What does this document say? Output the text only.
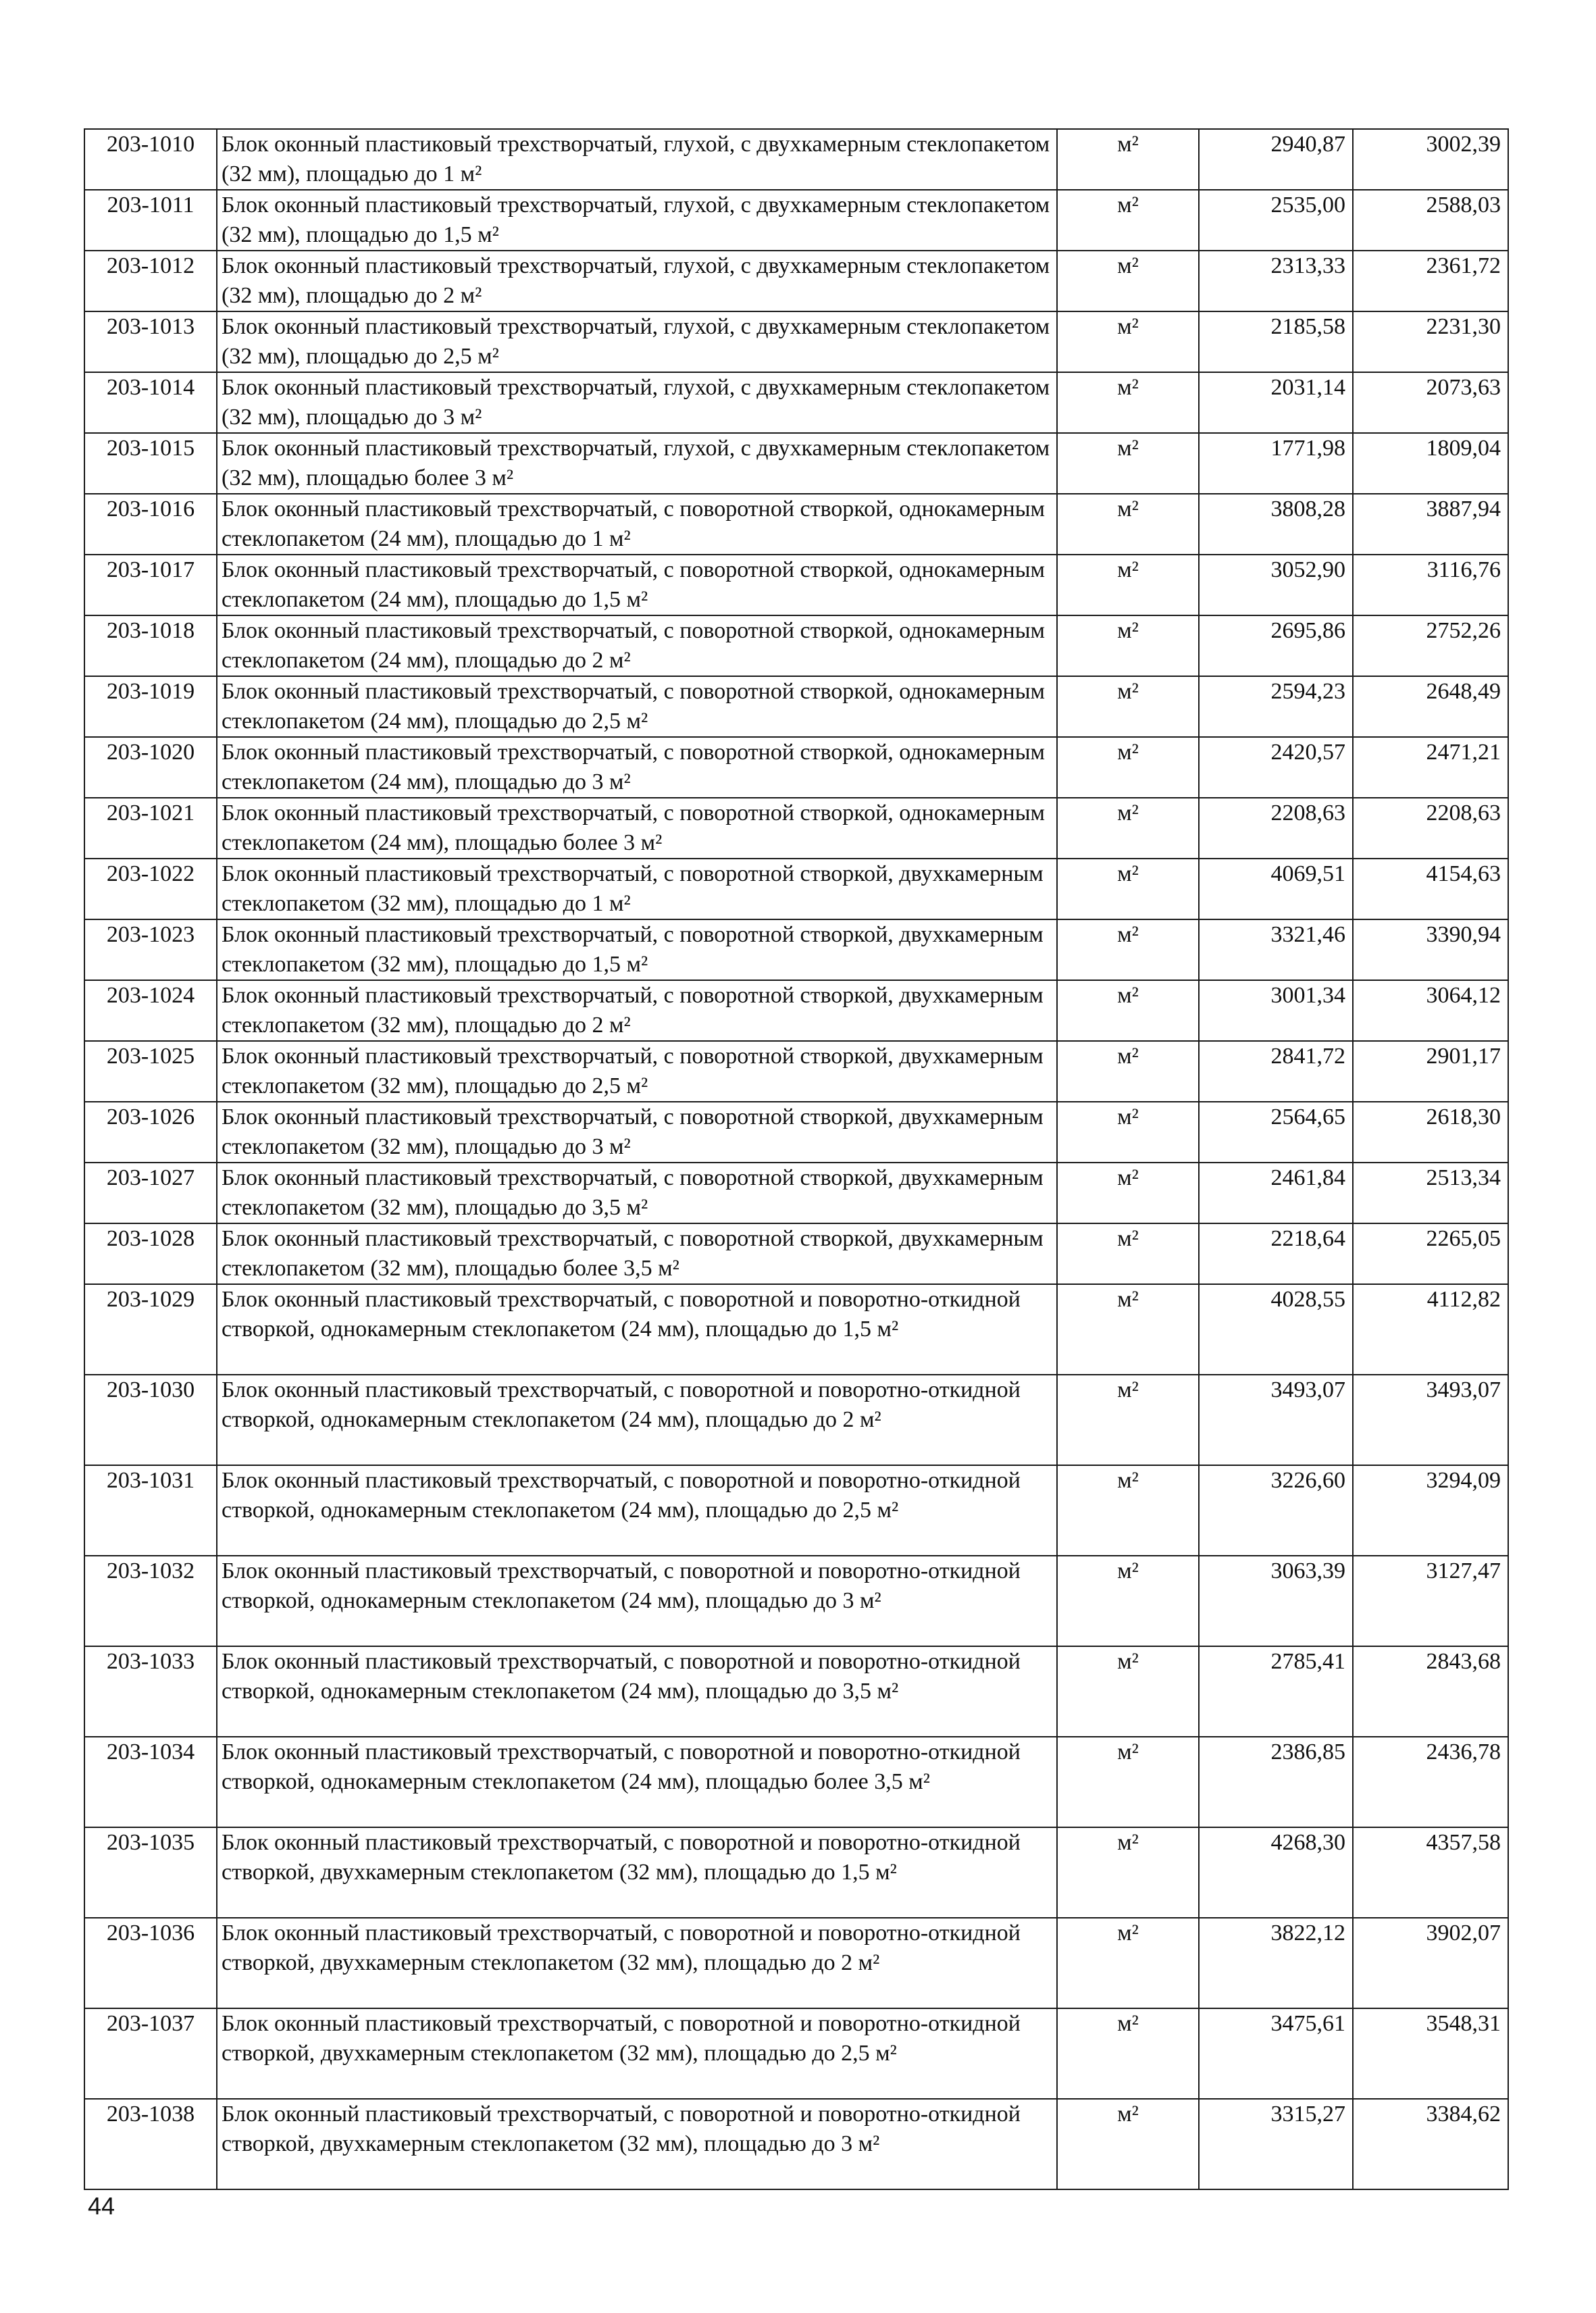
203-1010	Блок оконный пластиковый трехстворчатый, глухой, с двухкамерным стеклопакетом (32 мм), площадью до 1 м²	м²	2940,87	3002,39
203-1011	Блок оконный пластиковый трехстворчатый, глухой, с двухкамерным стеклопакетом (32 мм), площадью до 1,5 м²	м²	2535,00	2588,03
203-1012	Блок оконный пластиковый трехстворчатый, глухой, с двухкамерным стеклопакетом (32 мм), площадью до 2 м²	м²	2313,33	2361,72
203-1013	Блок оконный пластиковый трехстворчатый, глухой, с двухкамерным стеклопакетом (32 мм), площадью до 2,5 м²	м²	2185,58	2231,30
203-1014	Блок оконный пластиковый трехстворчатый, глухой, с двухкамерным стеклопакетом (32 мм), площадью до 3 м²	м²	2031,14	2073,63
203-1015	Блок оконный пластиковый трехстворчатый, глухой, с двухкамерным стеклопакетом (32 мм), площадью более 3 м²	м²	1771,98	1809,04
203-1016	Блок оконный пластиковый трехстворчатый, с поворотной створкой, однокамерным стеклопакетом (24 мм), площадью до 1 м²	м²	3808,28	3887,94
203-1017	Блок оконный пластиковый трехстворчатый, с поворотной створкой, однокамерным стеклопакетом (24 мм), площадью до 1,5 м²	м²	3052,90	3116,76
203-1018	Блок оконный пластиковый трехстворчатый, с поворотной створкой, однокамерным стеклопакетом (24 мм), площадью до 2 м²	м²	2695,86	2752,26
203-1019	Блок оконный пластиковый трехстворчатый, с поворотной створкой, однокамерным стеклопакетом (24 мм), площадью до 2,5 м²	м²	2594,23	2648,49
203-1020	Блок оконный пластиковый трехстворчатый, с поворотной створкой, однокамерным стеклопакетом (24 мм), площадью до 3 м²	м²	2420,57	2471,21
203-1021	Блок оконный пластиковый трехстворчатый, с поворотной створкой, однокамерным стеклопакетом (24 мм), площадью более 3 м²	м²	2208,63	2208,63
203-1022	Блок оконный пластиковый трехстворчатый, с поворотной створкой, двухкамерным стеклопакетом (32 мм), площадью до 1 м²	м²	4069,51	4154,63
203-1023	Блок оконный пластиковый трехстворчатый, с поворотной створкой, двухкамерным стеклопакетом (32 мм), площадью до 1,5 м²	м²	3321,46	3390,94
203-1024	Блок оконный пластиковый трехстворчатый, с поворотной створкой, двухкамерным стеклопакетом (32 мм), площадью до 2 м²	м²	3001,34	3064,12
203-1025	Блок оконный пластиковый трехстворчатый, с поворотной створкой, двухкамерным стеклопакетом (32 мм), площадью до 2,5 м²	м²	2841,72	2901,17
203-1026	Блок оконный пластиковый трехстворчатый, с поворотной створкой, двухкамерным стеклопакетом (32 мм), площадью до 3 м²	м²	2564,65	2618,30
203-1027	Блок оконный пластиковый трехстворчатый, с поворотной створкой, двухкамерным стеклопакетом (32 мм), площадью до 3,5 м²	м²	2461,84	2513,34
203-1028	Блок оконный пластиковый трехстворчатый, с поворотной створкой, двухкамерным стеклопакетом (32 мм), площадью более 3,5 м²	м²	2218,64	2265,05
203-1029	Блок оконный пластиковый трехстворчатый, с поворотной и поворотно-откидной створкой, однокамерным стеклопакетом (24 мм), площадью до 1,5 м²	м²	4028,55	4112,82
203-1030	Блок оконный пластиковый трехстворчатый, с поворотной и поворотно-откидной створкой, однокамерным стеклопакетом (24 мм), площадью до 2 м²	м²	3493,07	3493,07
203-1031	Блок оконный пластиковый трехстворчатый, с поворотной и поворотно-откидной створкой, однокамерным стеклопакетом (24 мм), площадью до 2,5 м²	м²	3226,60	3294,09
203-1032	Блок оконный пластиковый трехстворчатый, с поворотной и поворотно-откидной створкой, однокамерным стеклопакетом (24 мм), площадью до 3 м²	м²	3063,39	3127,47
203-1033	Блок оконный пластиковый трехстворчатый, с поворотной и поворотно-откидной створкой, однокамерным стеклопакетом (24 мм), площадью до 3,5 м²	м²	2785,41	2843,68
203-1034	Блок оконный пластиковый трехстворчатый, с поворотной и поворотно-откидной створкой, однокамерным стеклопакетом (24 мм), площадью более 3,5 м²	м²	2386,85	2436,78
203-1035	Блок оконный пластиковый трехстворчатый, с поворотной и поворотно-откидной створкой, двухкамерным стеклопакетом (32 мм), площадью до 1,5 м²	м²	4268,30	4357,58
203-1036	Блок оконный пластиковый трехстворчатый, с поворотной и поворотно-откидной створкой, двухкамерным стеклопакетом (32 мм), площадью до 2 м²	м²	3822,12	3902,07
203-1037	Блок оконный пластиковый трехстворчатый, с поворотной и поворотно-откидной створкой, двухкамерным стеклопакетом (32 мм), площадью до 2,5 м²	м²	3475,61	3548,31
203-1038	Блок оконный пластиковый трехстворчатый, с поворотной и поворотно-откидной створкой, двухкамерным стеклопакетом (32 мм), площадью до 3 м²	м²	3315,27	3384,62
44
